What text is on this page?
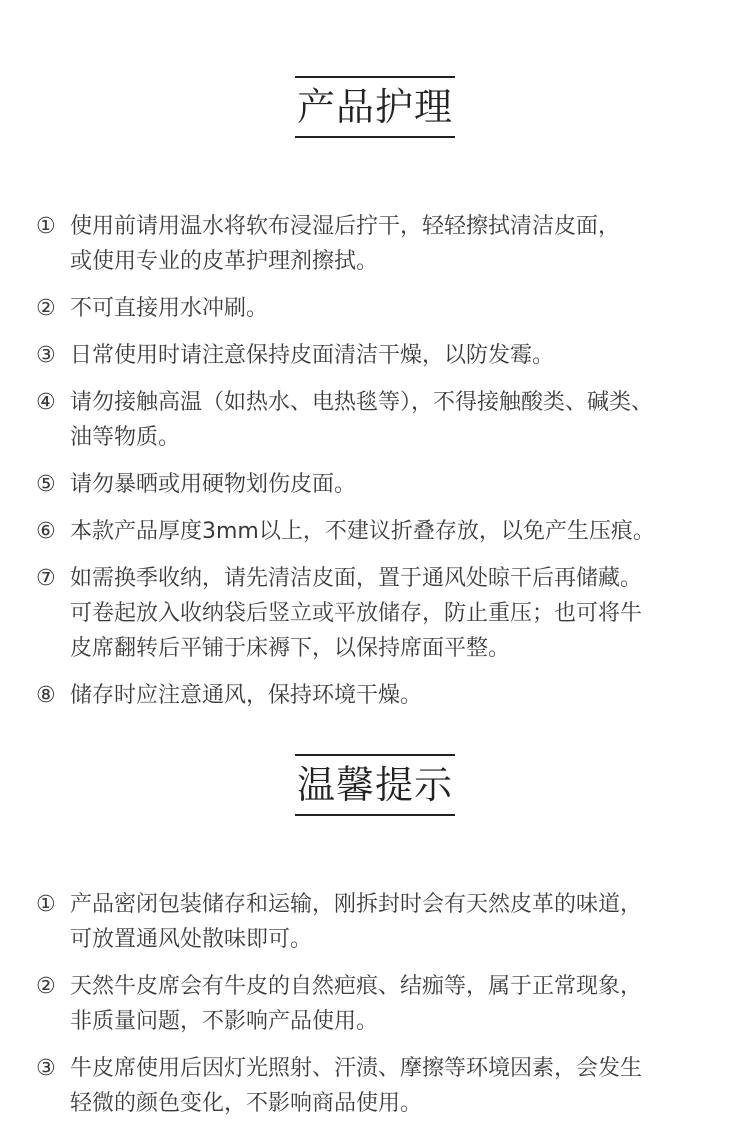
产品护理
① 使用前请用温水将软布浸湿后拧干，轻轻擦拭清洁皮面，
或使用专业的皮革护理剂擦拭。
② 不可直接用水冲刷。
③ 日常使用时请注意保持皮面清洁干燥，以防发霉。
④ 请勿接触高温（如热水、电热毯等），不得接触酸类、碱类、
油等物质。
⑤ 请勿暴晒或用硬物划伤皮面。
⑥ 本款产品厚度3mm以上，不建议折叠存放，以免产生压痕。
⑦ 如需换季收纳，请先清洁皮面，置于通风处晾干后再储藏。
可卷起放入收纳袋后竖立或平放储存，防止重压；也可将牛
皮席翻转后平铺于床褥下，以保持席面平整。
⑧ 储存时应注意通风，保持环境干燥。
温馨提示
① 产品密闭包装储存和运输，刚拆封时会有天然皮革的味道，
可放置通风处散味即可。
② 天然牛皮席会有牛皮的自然疤痕、结痂等，属于正常现象，
非质量问题，不影响产品使用。
③ 牛皮席使用后因灯光照射、汗渍、摩擦等环境因素，会发生
轻微的颜色变化，不影响商品使用。
